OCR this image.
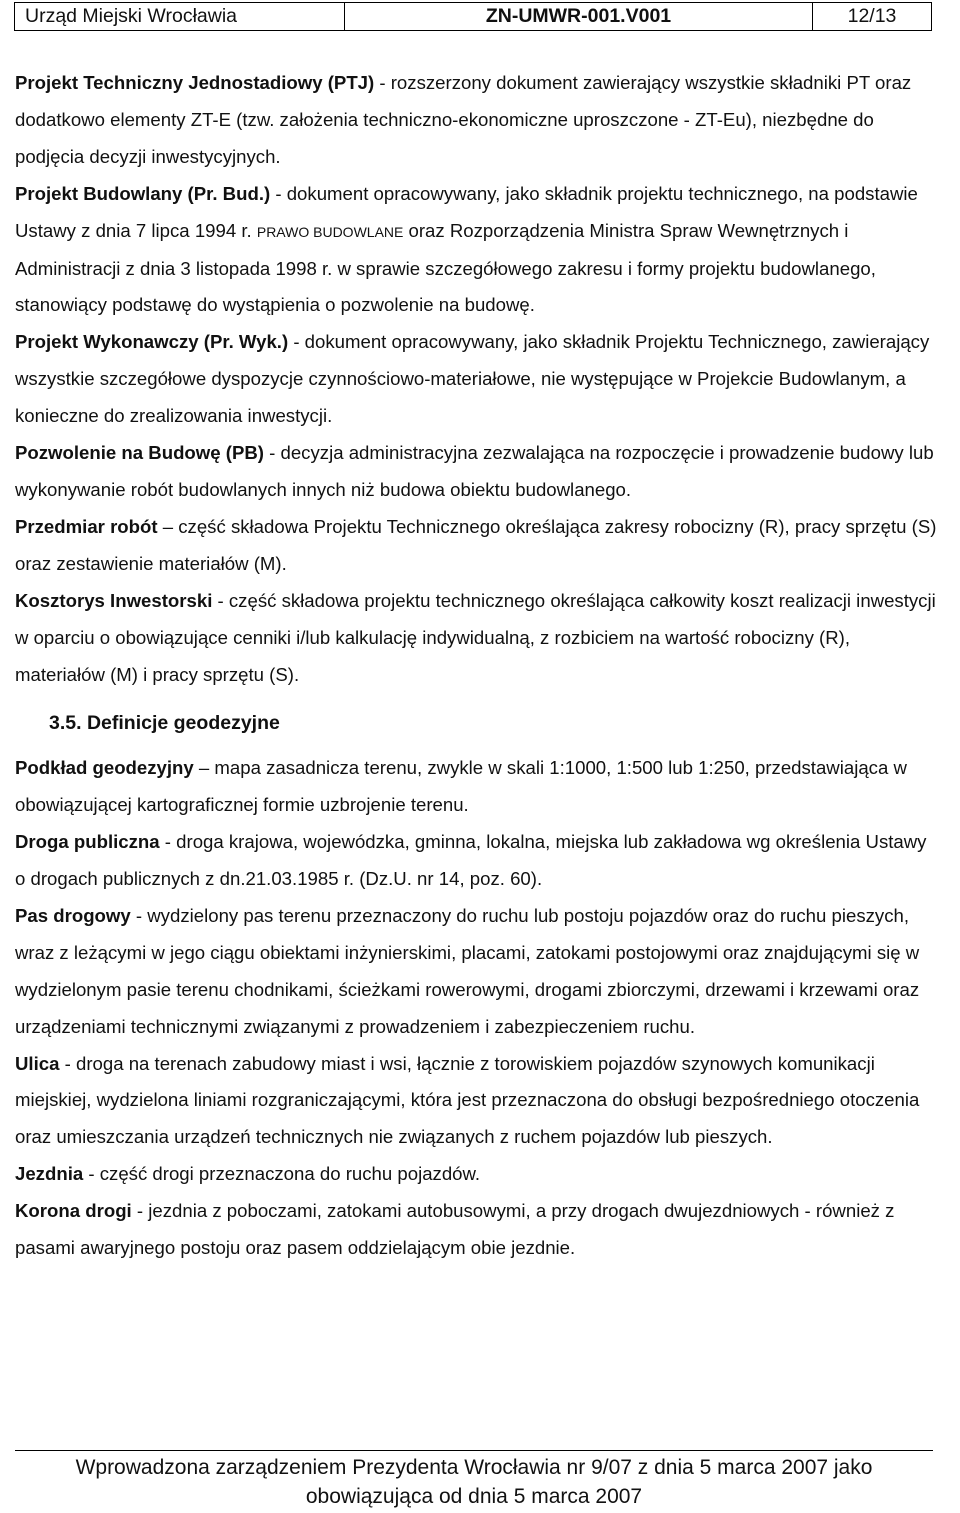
Urząd Miejski Wrocławia	ZN-UMWR-001.V001	12/13

Projekt Techniczny Jednostadiowy (PTJ) - rozszerzony dokument zawierający wszystkie składniki PT oraz dodatkowo elementy ZT-E (tzw. założenia techniczno-ekonomiczne uproszczone - ZT-Eu), niezbędne do podjęcia decyzji inwestycyjnych.

Projekt Budowlany (Pr. Bud.) - dokument opracowywany, jako składnik projektu technicznego, na podstawie Ustawy z dnia 7 lipca 1994 r. PRAWO BUDOWLANE oraz Rozporządzenia Ministra Spraw Wewnętrznych i Administracji z dnia 3 listopada 1998 r. w sprawie szczegółowego zakresu i formy projektu budowlanego, stanowiący podstawę do wystąpienia o pozwolenie na budowę.

Projekt Wykonawczy (Pr. Wyk.) - dokument opracowywany, jako składnik Projektu Technicznego, zawierający wszystkie szczegółowe dyspozycje czynnościowo-materiałowe, nie występujące w Projekcie Budowlanym, a konieczne do zrealizowania inwestycji.

Pozwolenie na Budowę (PB) - decyzja administracyjna zezwalająca na rozpoczęcie i prowadzenie budowy lub wykonywanie robót budowlanych innych niż budowa obiektu budowlanego.

Przedmiar robót – część składowa Projektu Technicznego określająca zakresy robocizny (R), pracy sprzętu (S) oraz zestawienie materiałów (M).

Kosztorys Inwestorski - część składowa projektu technicznego określająca całkowity koszt realizacji inwestycji w oparciu o obowiązujące cenniki i/lub kalkulację indywidualną, z rozbiciem na wartość robocizny (R), materiałów (M) i pracy sprzętu (S).

3.5. Definicje geodezyjne

Podkład geodezyjny – mapa zasadnicza terenu, zwykle w skali 1:1000, 1:500 lub 1:250, przedstawiająca w obowiązującej kartograficznej formie uzbrojenie terenu.

Droga publiczna - droga krajowa, wojewódzka, gminna, lokalna, miejska lub zakładowa wg określenia Ustawy o drogach publicznych z dn.21.03.1985 r. (Dz.U. nr 14, poz. 60).

Pas drogowy - wydzielony pas terenu przeznaczony do ruchu lub postoju pojazdów oraz do ruchu pieszych, wraz z leżącymi w jego ciągu obiektami inżynierskimi, placami, zatokami postojowymi oraz znajdującymi się w wydzielonym pasie terenu chodnikami, ścieżkami rowerowymi, drogami zbiorczymi, drzewami i krzewami oraz urządzeniami technicznymi związanymi z prowadzeniem i zabezpieczeniem ruchu.

Ulica - droga na terenach zabudowy miast i wsi, łącznie z torowiskiem pojazdów szynowych komunikacji miejskiej, wydzielona liniami rozgraniczającymi, która jest przeznaczona do obsługi bezpośredniego otoczenia oraz umieszczania urządzeń technicznych nie związanych z ruchem pojazdów lub pieszych.

Jezdnia - część drogi przeznaczona do ruchu pojazdów.

Korona drogi - jezdnia z poboczami, zatokami autobusowymi, a przy drogach dwujezdniowych - również z pasami awaryjnego postoju oraz pasem oddzielającym obie jezdnie.

Wprowadzona zarządzeniem Prezydenta Wrocławia nr 9/07 z dnia 5 marca 2007 jako
obowiązująca od dnia 5 marca 2007
